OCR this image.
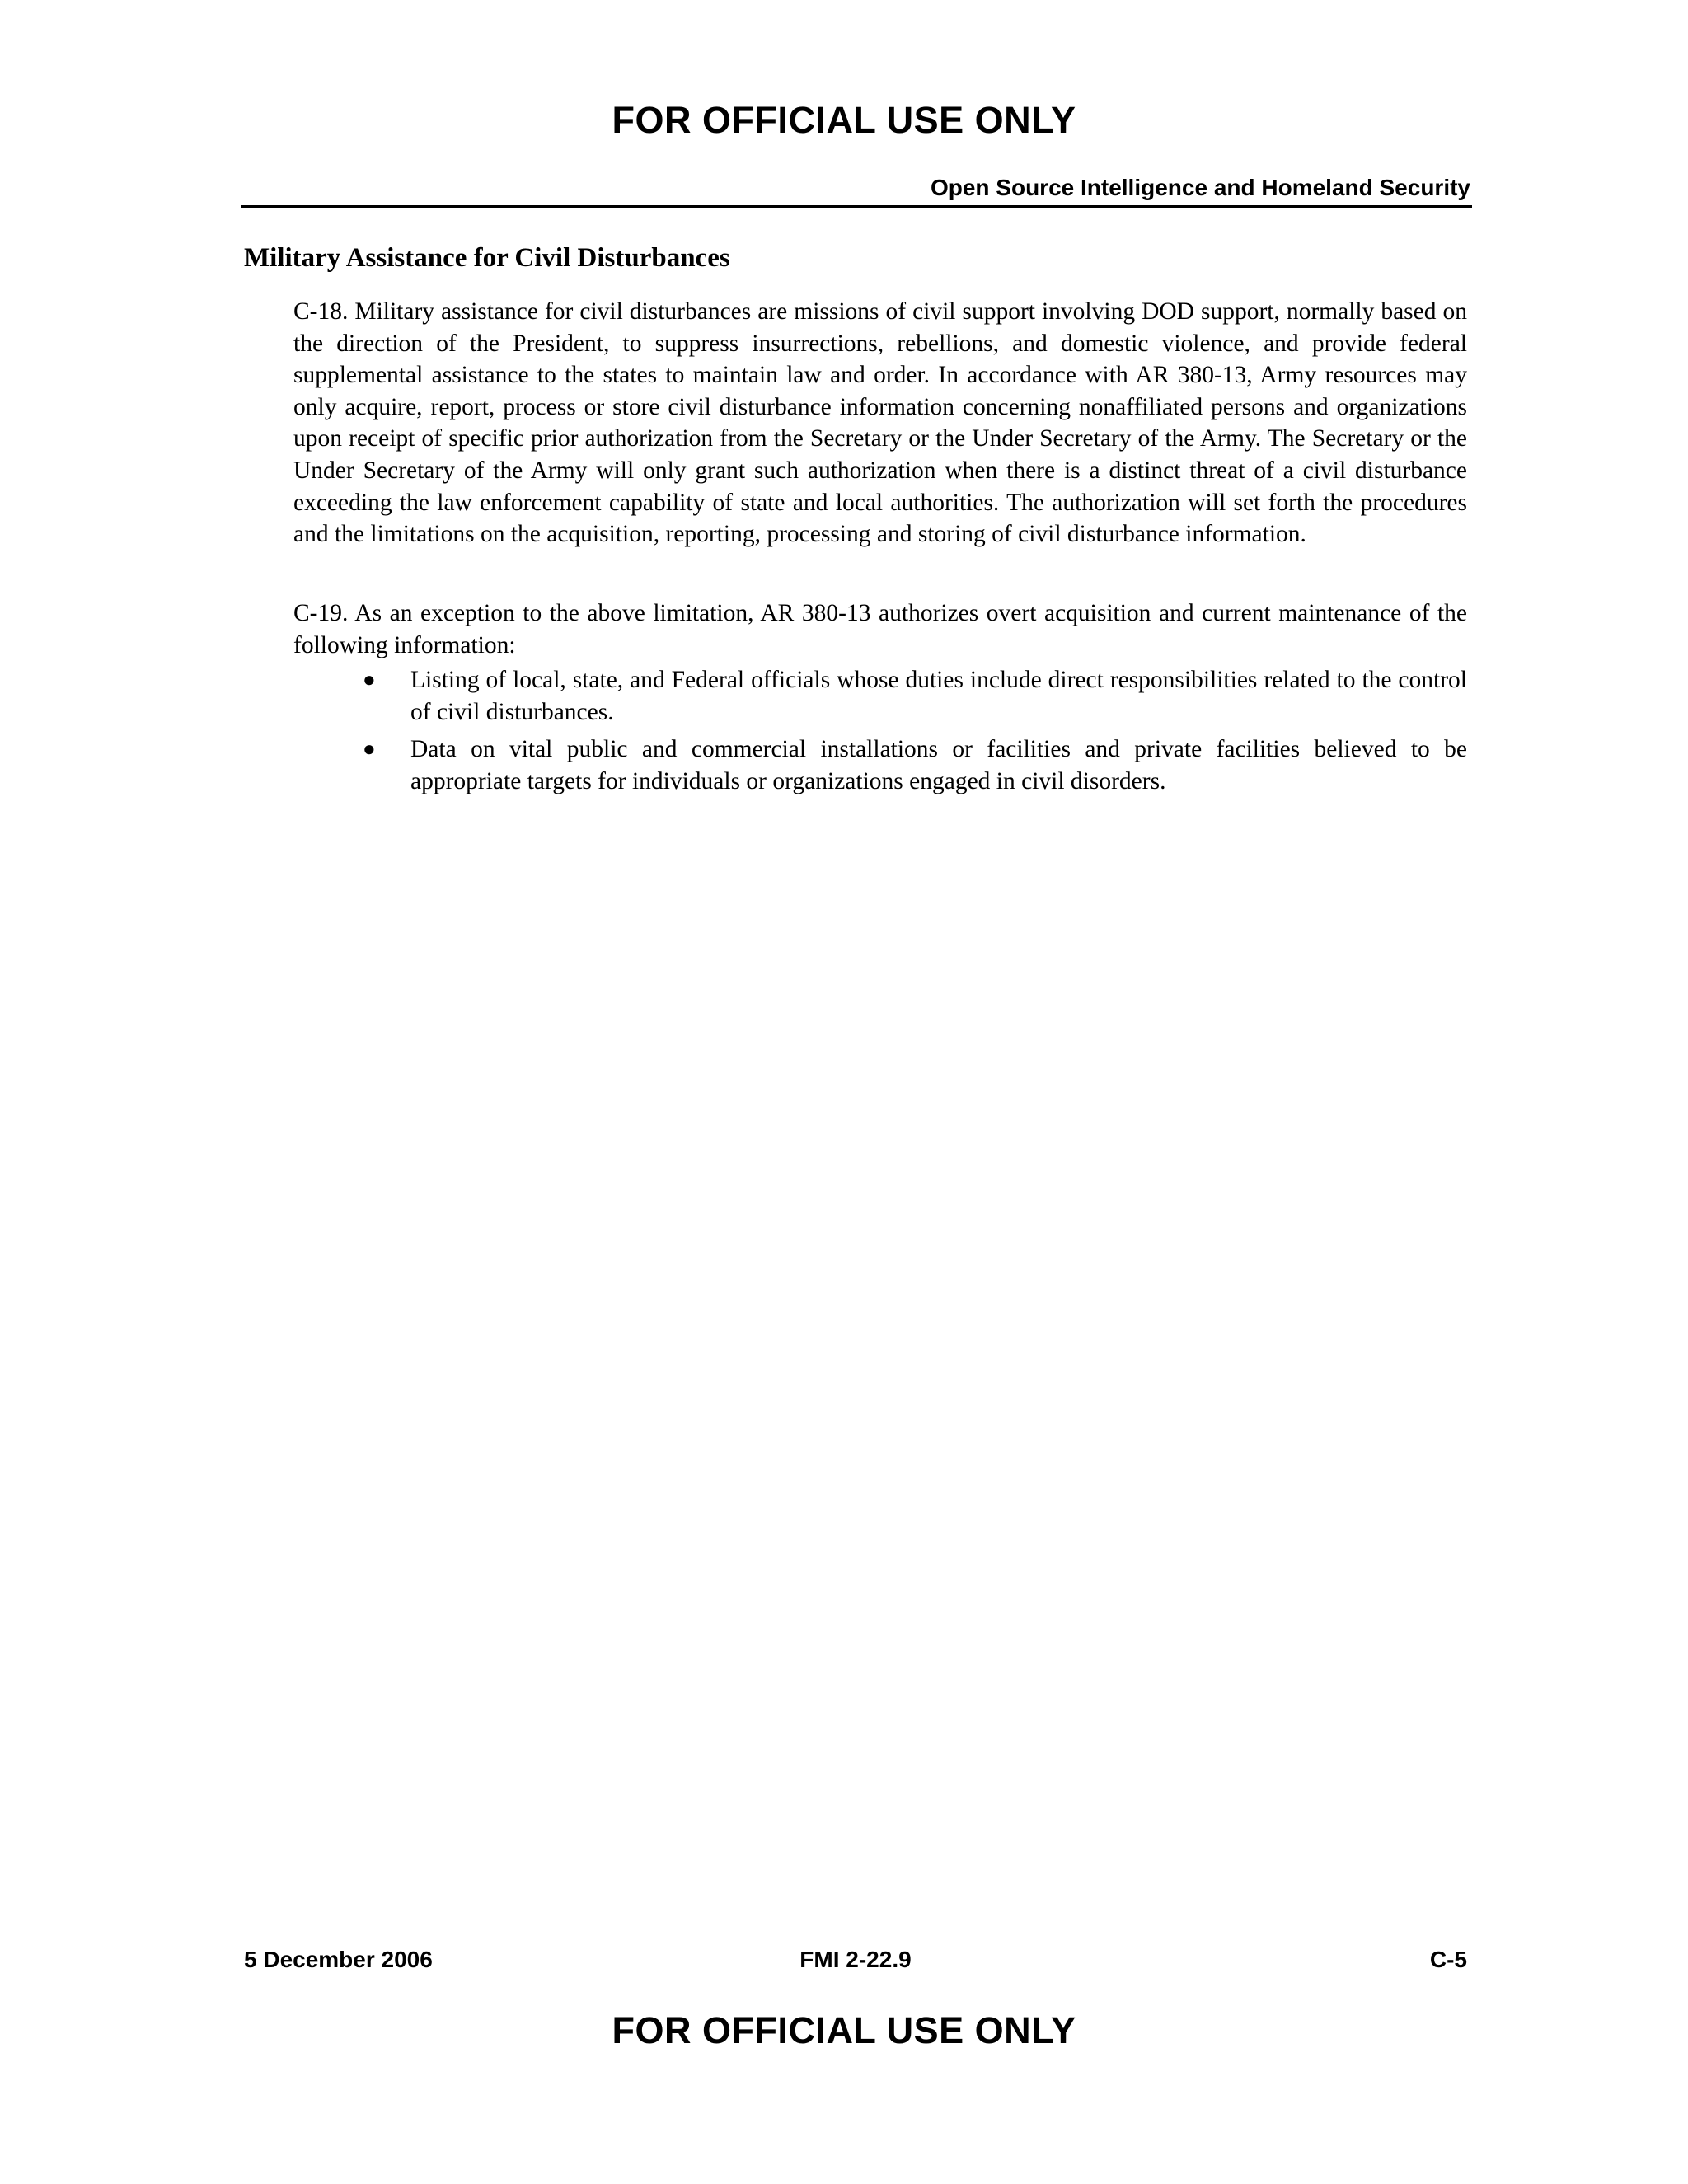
FOR OFFICIAL USE ONLY
Open Source Intelligence and Homeland Security
Military Assistance for Civil Disturbances

C-18. Military assistance for civil disturbances are missions of civil support involving DOD support, normally based on the direction of the President, to suppress insurrections, rebellions, and domestic violence, and provide federal supplemental assistance to the states to maintain law and order. In accordance with AR 380-13, Army resources may only acquire, report, process or store civil disturbance information concerning nonaffiliated persons and organizations upon receipt of specific prior authorization from the Secretary or the Under Secretary of the Army. The Secretary or the Under Secretary of the Army will only grant such authorization when there is a distinct threat of a civil disturbance exceeding the law enforcement capability of state and local authorities. The authorization will set forth the procedures and the limitations on the acquisition, reporting, processing and storing of civil disturbance information.

C-19. As an exception to the above limitation, AR 380-13 authorizes overt acquisition and current maintenance of the following information:

● Listing of local, state, and Federal officials whose duties include direct responsibilities related to the control of civil disturbances.
● Data on vital public and commercial installations or facilities and private facilities believed to be appropriate targets for individuals or organizations engaged in civil disorders.
5 December 2006	FMI 2-22.9	C-5
FOR OFFICIAL USE ONLY
